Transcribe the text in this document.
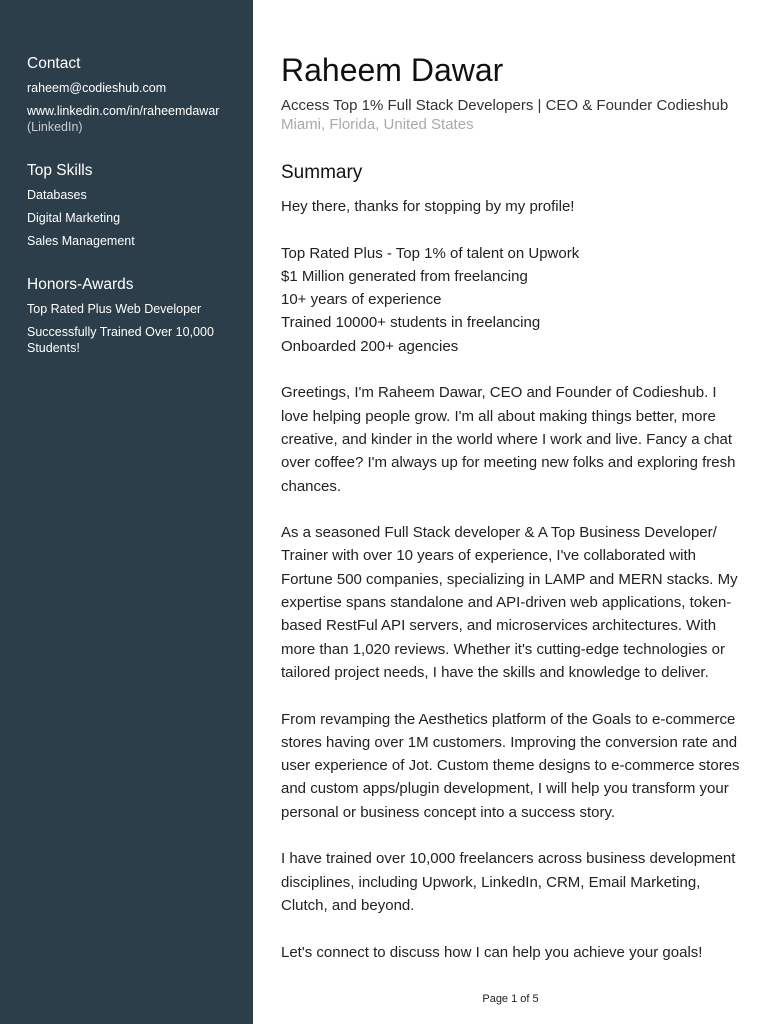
Contact
raheem@codieshub.com
www.linkedin.com/in/raheemdawar
(LinkedIn)
Top Skills
Databases
Digital Marketing
Sales Management
Honors-Awards
Top Rated Plus Web Developer
Successfully Trained Over 10,000 Students!
Raheem Dawar

Access Top 1% Full Stack Developers | CEO & Founder Codieshub

Miami, Florida, United States

Summary

Hey there, thanks for stopping by my profile!

Top Rated Plus - Top 1% of talent on Upwork
$1 Million generated from freelancing
10+ years of experience
Trained 10000+ students in freelancing
Onboarded 200+ agencies

Greetings, I'm Raheem Dawar, CEO and Founder of Codieshub. I love helping people grow. I'm all about making things better, more creative, and kinder in the world where I work and live. Fancy a chat over coffee? I'm always up for meeting new folks and exploring fresh chances.

As a seasoned Full Stack developer & A Top Business Developer/ Trainer with over 10 years of experience, I've collaborated with Fortune 500 companies, specializing in LAMP and MERN stacks. My expertise spans standalone and API-driven web applications, token-based RestFul API servers, and microservices architectures. With more than 1,020 reviews. Whether it's cutting-edge technologies or tailored project needs, I have the skills and knowledge to deliver.

From revamping the Aesthetics platform of the Goals to e-commerce stores having over 1M customers. Improving the conversion rate and user experience of Jot. Custom theme designs to e-commerce stores and custom apps/plugin development, I will help you transform your personal or business concept into a success story.

I have trained over 10,000 freelancers across business development disciplines, including Upwork, LinkedIn, CRM, Email Marketing, Clutch, and beyond.

Let's connect to discuss how I can help you achieve your goals!

Page 1 of 5
